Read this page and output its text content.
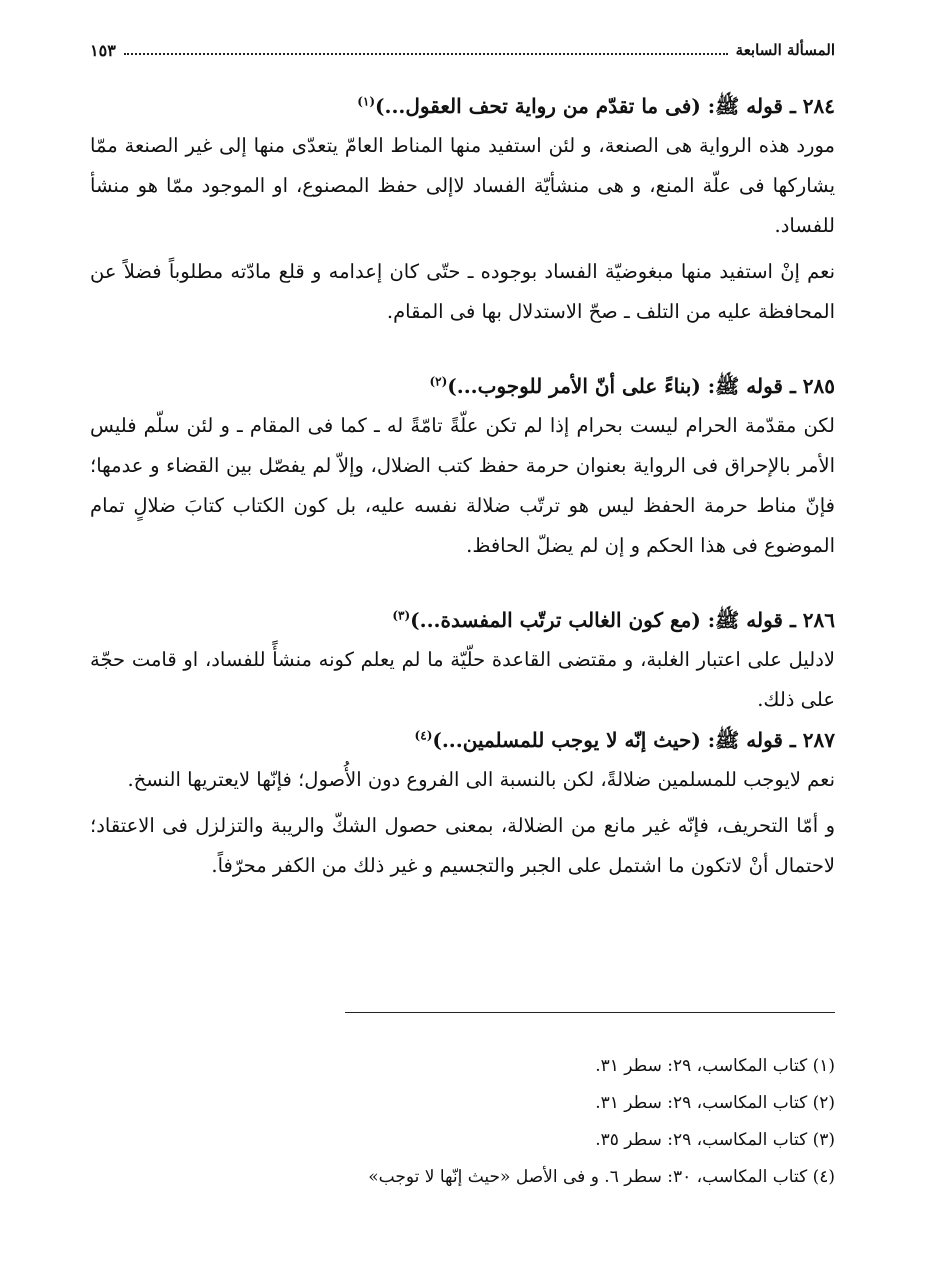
المسألة السابعة
١٥٣
٢٨٤ ـ قوله ﷺ: (فى ما تقدّم من رواية تحف العقول...)$^{(١)}$

مورد هذه الرواية هى الصنعة، و لئن استفيد منها المناط العامّ يتعدّى منها إلى غير الصنعة ممّا يشاركها فى علّة المنع، و هى منشأيّة الفساد لاإلى حفظ المصنوع، او الموجود ممّا هو منشأ للفساد.

نعم إنْ استفيد منها مبغوضيّة الفساد بوجوده ـ حتّى كان إعدامه و قلع مادّته مطلوباً فضلاً عن المحافظة عليه من التلف ـ صحّ الاستدلال بها فى المقام.

٢٨٥ ـ قوله ﷺ: (بناءً على أنّ الأمر للوجوب...)$^{(٢)}$

لكن مقدّمة الحرام ليست بحرام إذا لم تكن علّةً تامّةً له ـ كما فى المقام ـ و لئن سلّم فليس الأمر بالإحراق فى الرواية بعنوان حرمة حفظ كتب الضلال، وإلاّ لم يفصّل بين القضاء و عدمها؛ فإنّ مناط حرمة الحفظ ليس هو ترتّب ضلالة نفسه عليه، بل كون الكتاب كتابَ ضلالٍ تمام الموضوع فى هذا الحكم و إن لم يضلّ الحافظ.

٢٨٦ ـ قوله ﷺ: (مع كون الغالب ترتّب المفسدة...)$^{(٣)}$

لادليل على اعتبار الغلبة، و مقتضى القاعدة حلّيّة ما لم يعلم كونه منشأً للفساد، او قامت حجّة على ذلك.

٢٨٧ ـ قوله ﷺ: (حيث إنّه لا يوجب للمسلمين...)$^{(٤)}$

نعم لايوجب للمسلمين ضلالةً، لكن بالنسبة الى الفروع دون الأُصول؛ فإنّها لايعتريها النسخ.

و أمّا التحريف، فإنّه غير مانع من الضلالة، بمعنى حصول الشكّ والريبة والتزلزل فى الاعتقاد؛ لاحتمال أنْ لاتكون ما اشتمل على الجبر والتجسيم و غير ذلك من الكفر محرّفاً.

(١) كتاب المكاسب، ٢٩: سطر ٣١.
(٢) كتاب المكاسب، ٢٩: سطر ٣١.
(٣) كتاب المكاسب، ٢٩: سطر ٣٥.
(٤) كتاب المكاسب، ٣٠: سطر ٦. و فى الأصل «حيث إنّها لا توجب»
